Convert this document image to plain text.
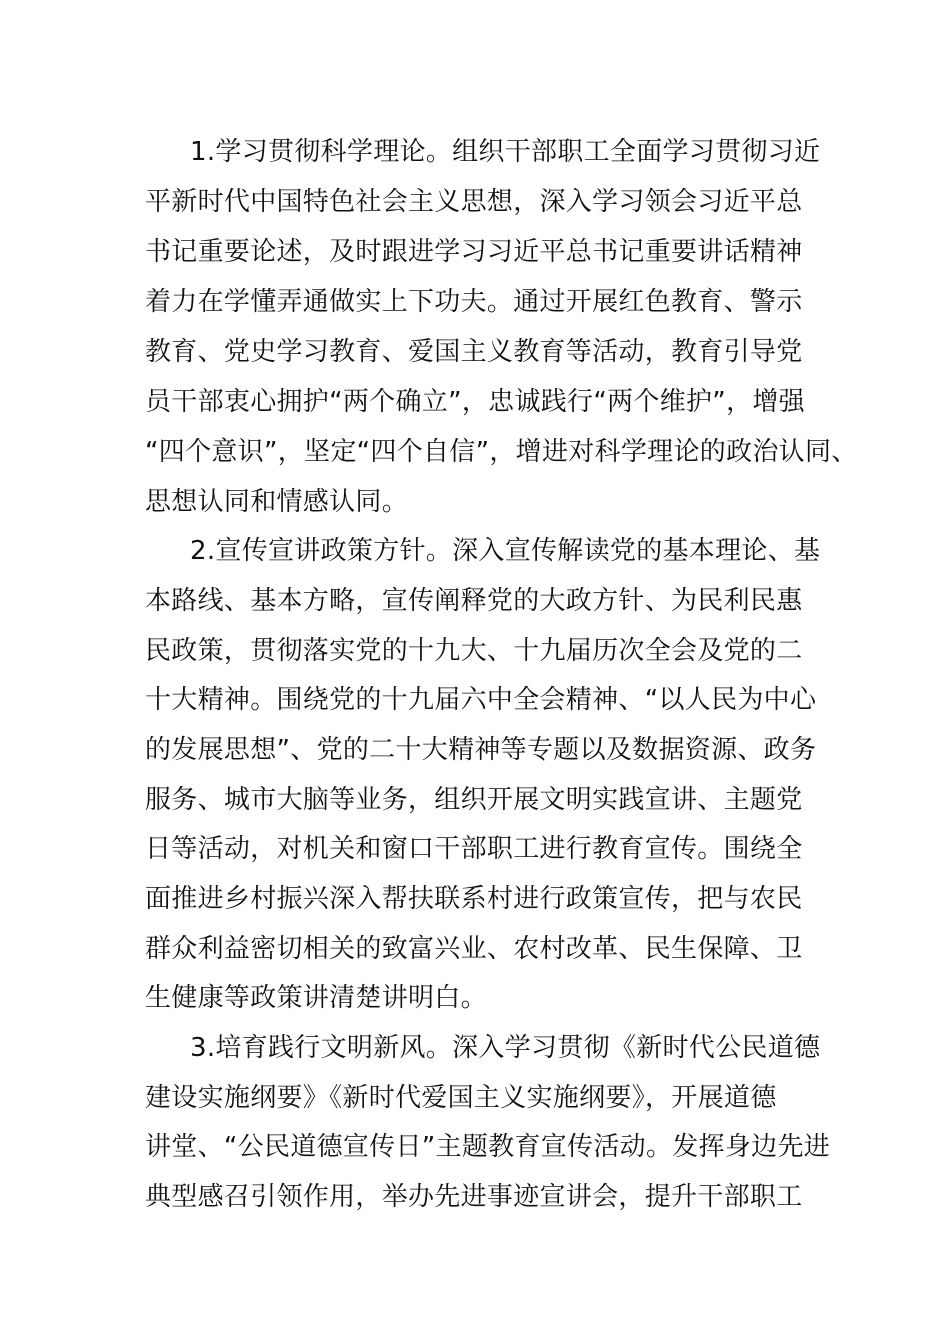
1.学习贯彻科学理论。组织干部职工全面学习贯彻习近
平新时代中国特色社会主义思想，深入学习领会习近平总
书记重要论述，及时跟进学习习近平总书记重要讲话精神
着力在学懂弄通做实上下功夫。通过开展红色教育、警示
教育、党史学习教育、爱国主义教育等活动，教育引导党
员干部衷心拥护“两个确立”，忠诚践行“两个维护”，增强
“四个意识”，坚定“四个自信”，增进对科学理论的政治认同、
思想认同和情感认同。
2.宣传宣讲政策方针。深入宣传解读党的基本理论、基
本路线、基本方略，宣传阐释党的大政方针、为民利民惠
民政策，贯彻落实党的十九大、十九届历次全会及党的二
十大精神。围绕党的十九届六中全会精神、“以人民为中心
的发展思想”、党的二十大精神等专题以及数据资源、政务
服务、城市大脑等业务，组织开展文明实践宣讲、主题党
日等活动，对机关和窗口干部职工进行教育宣传。围绕全
面推进乡村振兴深入帮扶联系村进行政策宣传，把与农民
群众利益密切相关的致富兴业、农村改革、民生保障、卫
生健康等政策讲清楚讲明白。
3.培育践行文明新风。深入学习贯彻《新时代公民道德
建设实施纲要》《新时代爱国主义实施纲要》，开展道德
讲堂、“公民道德宣传日”主题教育宣传活动。发挥身边先进
典型感召引领作用，举办先进事迹宣讲会，提升干部职工
